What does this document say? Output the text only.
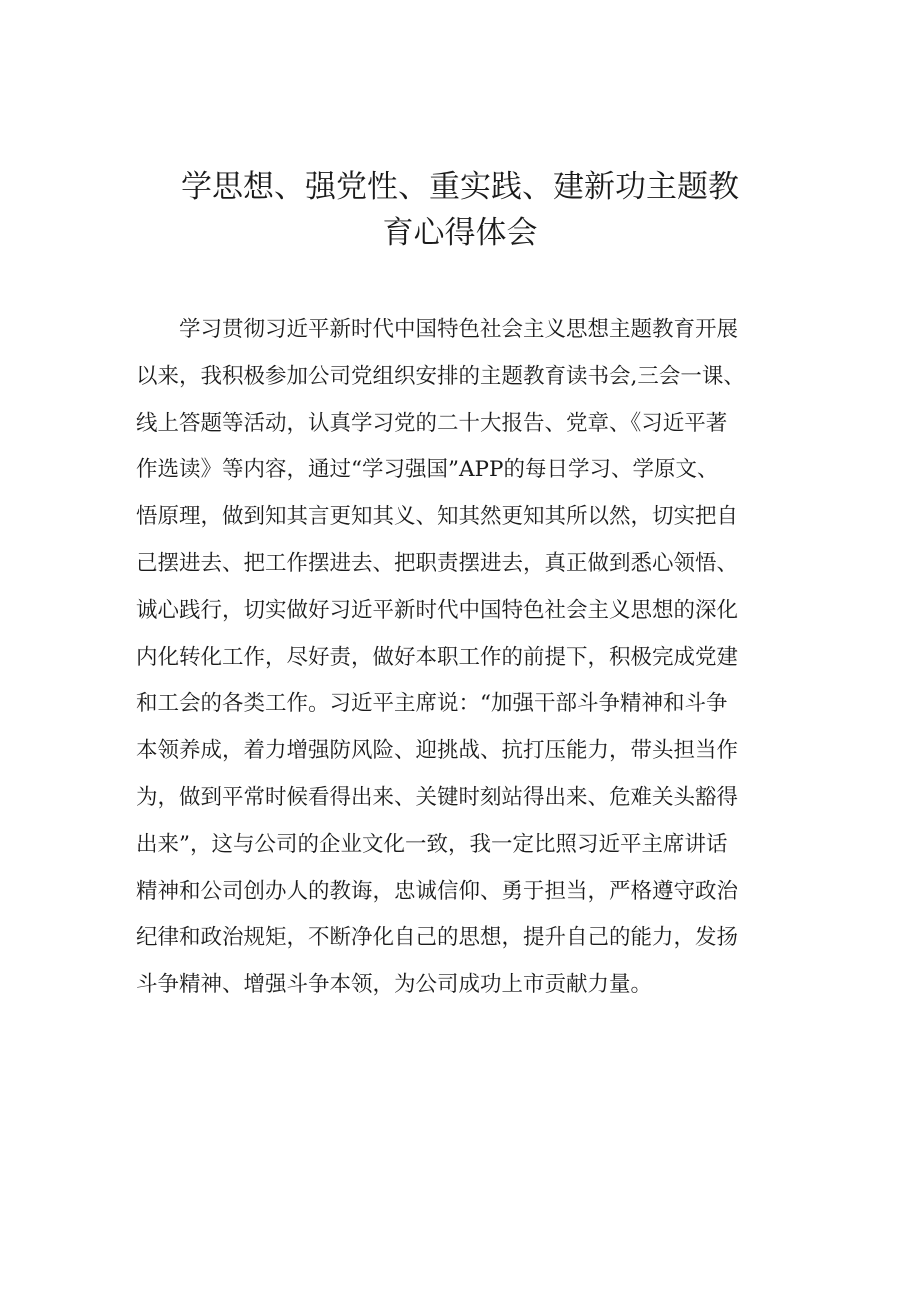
学思想、强党性、重实践、建新功主题教
育心得体会
学习贯彻习近平新时代中国特色社会主义思想主题教育开展
以来，我积极参加公司党组织安排的主题教育读书会,三会一课、
线上答题等活动，认真学习党的二十大报告、党章、《习近平著
作选读》等内容，通过“学习强国”APP的每日学习、学原文、
悟原理，做到知其言更知其义、知其然更知其所以然，切实把自
己摆进去、把工作摆进去、把职责摆进去，真正做到悉心领悟、
诚心践行，切实做好习近平新时代中国特色社会主义思想的深化
内化转化工作，尽好责，做好本职工作的前提下，积极完成党建
和工会的各类工作。习近平主席说：“加强干部斗争精神和斗争
本领养成，着力增强防风险、迎挑战、抗打压能力，带头担当作
为，做到平常时候看得出来、关键时刻站得出来、危难关头豁得
出来”，这与公司的企业文化一致，我一定比照习近平主席讲话
精神和公司创办人的教诲，忠诚信仰、勇于担当，严格遵守政治
纪律和政治规矩，不断净化自己的思想，提升自己的能力，发扬
斗争精神、增强斗争本领，为公司成功上市贡献力量。
